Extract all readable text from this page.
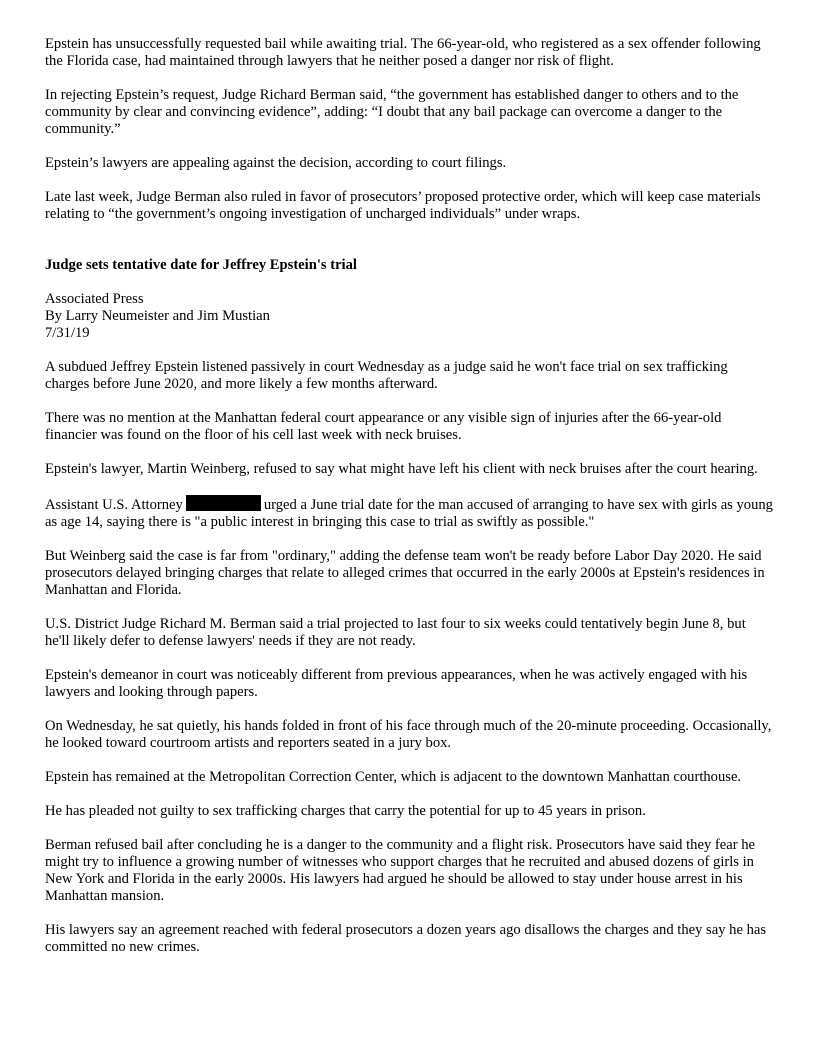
Epstein has unsuccessfully requested bail while awaiting trial. The 66-year-old, who registered as a sex offender following the Florida case, had maintained through lawyers that he neither posed a danger nor risk of flight.

In rejecting Epstein’s request, Judge Richard Berman said, “the government has established danger to others and to the community by clear and convincing evidence”, adding: “I doubt that any bail package can overcome a danger to the community.”

Epstein’s lawyers are appealing against the decision, according to court filings.

Late last week, Judge Berman also ruled in favor of prosecutors’ proposed protective order, which will keep case materials relating to “the government’s ongoing investigation of uncharged individuals” under wraps.

Judge sets tentative date for Jeffrey Epstein's trial

Associated Press
By Larry Neumeister and Jim Mustian
7/31/19

A subdued Jeffrey Epstein listened passively in court Wednesday as a judge said he won't face trial on sex trafficking charges before June 2020, and more likely a few months afterward.

There was no mention at the Manhattan federal court appearance or any visible sign of injuries after the 66-year-old financier was found on the floor of his cell last week with neck bruises.

Epstein's lawyer, Martin Weinberg, refused to say what might have left his client with neck bruises after the court hearing.

Assistant U.S. Attorney	urged a June trial date for the man accused of arranging to have sex with girls as young as age 14, saying there is "a public interest in bringing this case to trial as swiftly as possible."

But Weinberg said the case is far from "ordinary," adding the defense team won't be ready before Labor Day 2020. He said prosecutors delayed bringing charges that relate to alleged crimes that occurred in the early 2000s at Epstein's residences in Manhattan and Florida.

U.S. District Judge Richard M. Berman said a trial projected to last four to six weeks could tentatively begin June 8, but he'll likely defer to defense lawyers' needs if they are not ready.

Epstein's demeanor in court was noticeably different from previous appearances, when he was actively engaged with his lawyers and looking through papers.

On Wednesday, he sat quietly, his hands folded in front of his face through much of the 20-minute proceeding. Occasionally, he looked toward courtroom artists and reporters seated in a jury box.

Epstein has remained at the Metropolitan Correction Center, which is adjacent to the downtown Manhattan courthouse.

He has pleaded not guilty to sex trafficking charges that carry the potential for up to 45 years in prison.

Berman refused bail after concluding he is a danger to the community and a flight risk. Prosecutors have said they fear he might try to influence a growing number of witnesses who support charges that he recruited and abused dozens of girls in New York and Florida in the early 2000s. His lawyers had argued he should be allowed to stay under house arrest in his Manhattan mansion.

His lawyers say an agreement reached with federal prosecutors a dozen years ago disallows the charges and they say he has committed no new crimes.
